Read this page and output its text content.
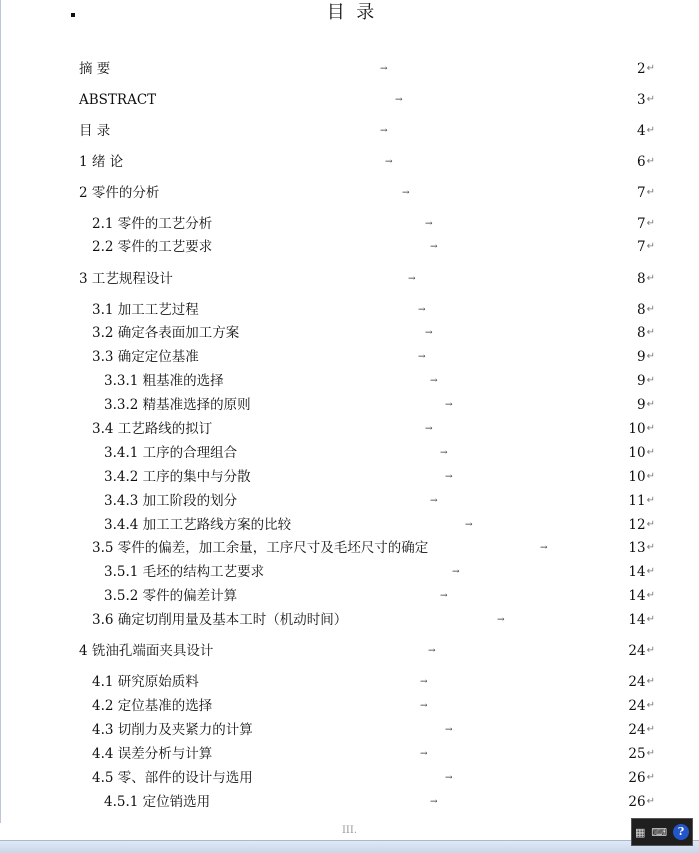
目  录
摘 要	→	2 ↵
ABSTRACT	→	3 ↵
目 录	→	4 ↵
1 绪 论	→	6 ↵
2 零件的分析	→	7 ↵
2.1 零件的工艺分析	→	7 ↵
2.2 零件的工艺要求	→	7 ↵
3 工艺规程设计	→	8 ↵
3.1 加工工艺过程	→	8 ↵
3.2 确定各表面加工方案	→	8 ↵
3.3 确定定位基准	→	9 ↵
3.3.1 粗基准的选择	→	9 ↵
3.3.2 精基准选择的原则	→	9 ↵
3.4 工艺路线的拟订	→	10 ↵
3.4.1 工序的合理组合	→	10 ↵
3.4.2 工序的集中与分散	→	10 ↵
3.4.3 加工阶段的划分	→	11 ↵
3.4.4 加工工艺路线方案的比较	→	12 ↵
3.5 零件的偏差，加工余量，工序尺寸及毛坯尺寸的确定	→	13 ↵
3.5.1 毛坯的结构工艺要求	→	14 ↵
3.5.2 零件的偏差计算	→	14 ↵
3.6 确定切削用量及基本工时（机动时间）	→	14 ↵
4 铣油孔端面夹具设计	→	24 ↵
4.1 研究原始质料	→	24 ↵
4.2 定位基准的选择	→	24 ↵
4.3 切削力及夹紧力的计算	→	24 ↵
4.4 误差分析与计算	→	25 ↵
4.5 零、部件的设计与选用	→	26 ↵
4.5.1 定位销选用	→	26 ↵
III.	▦ ⌨ ?
